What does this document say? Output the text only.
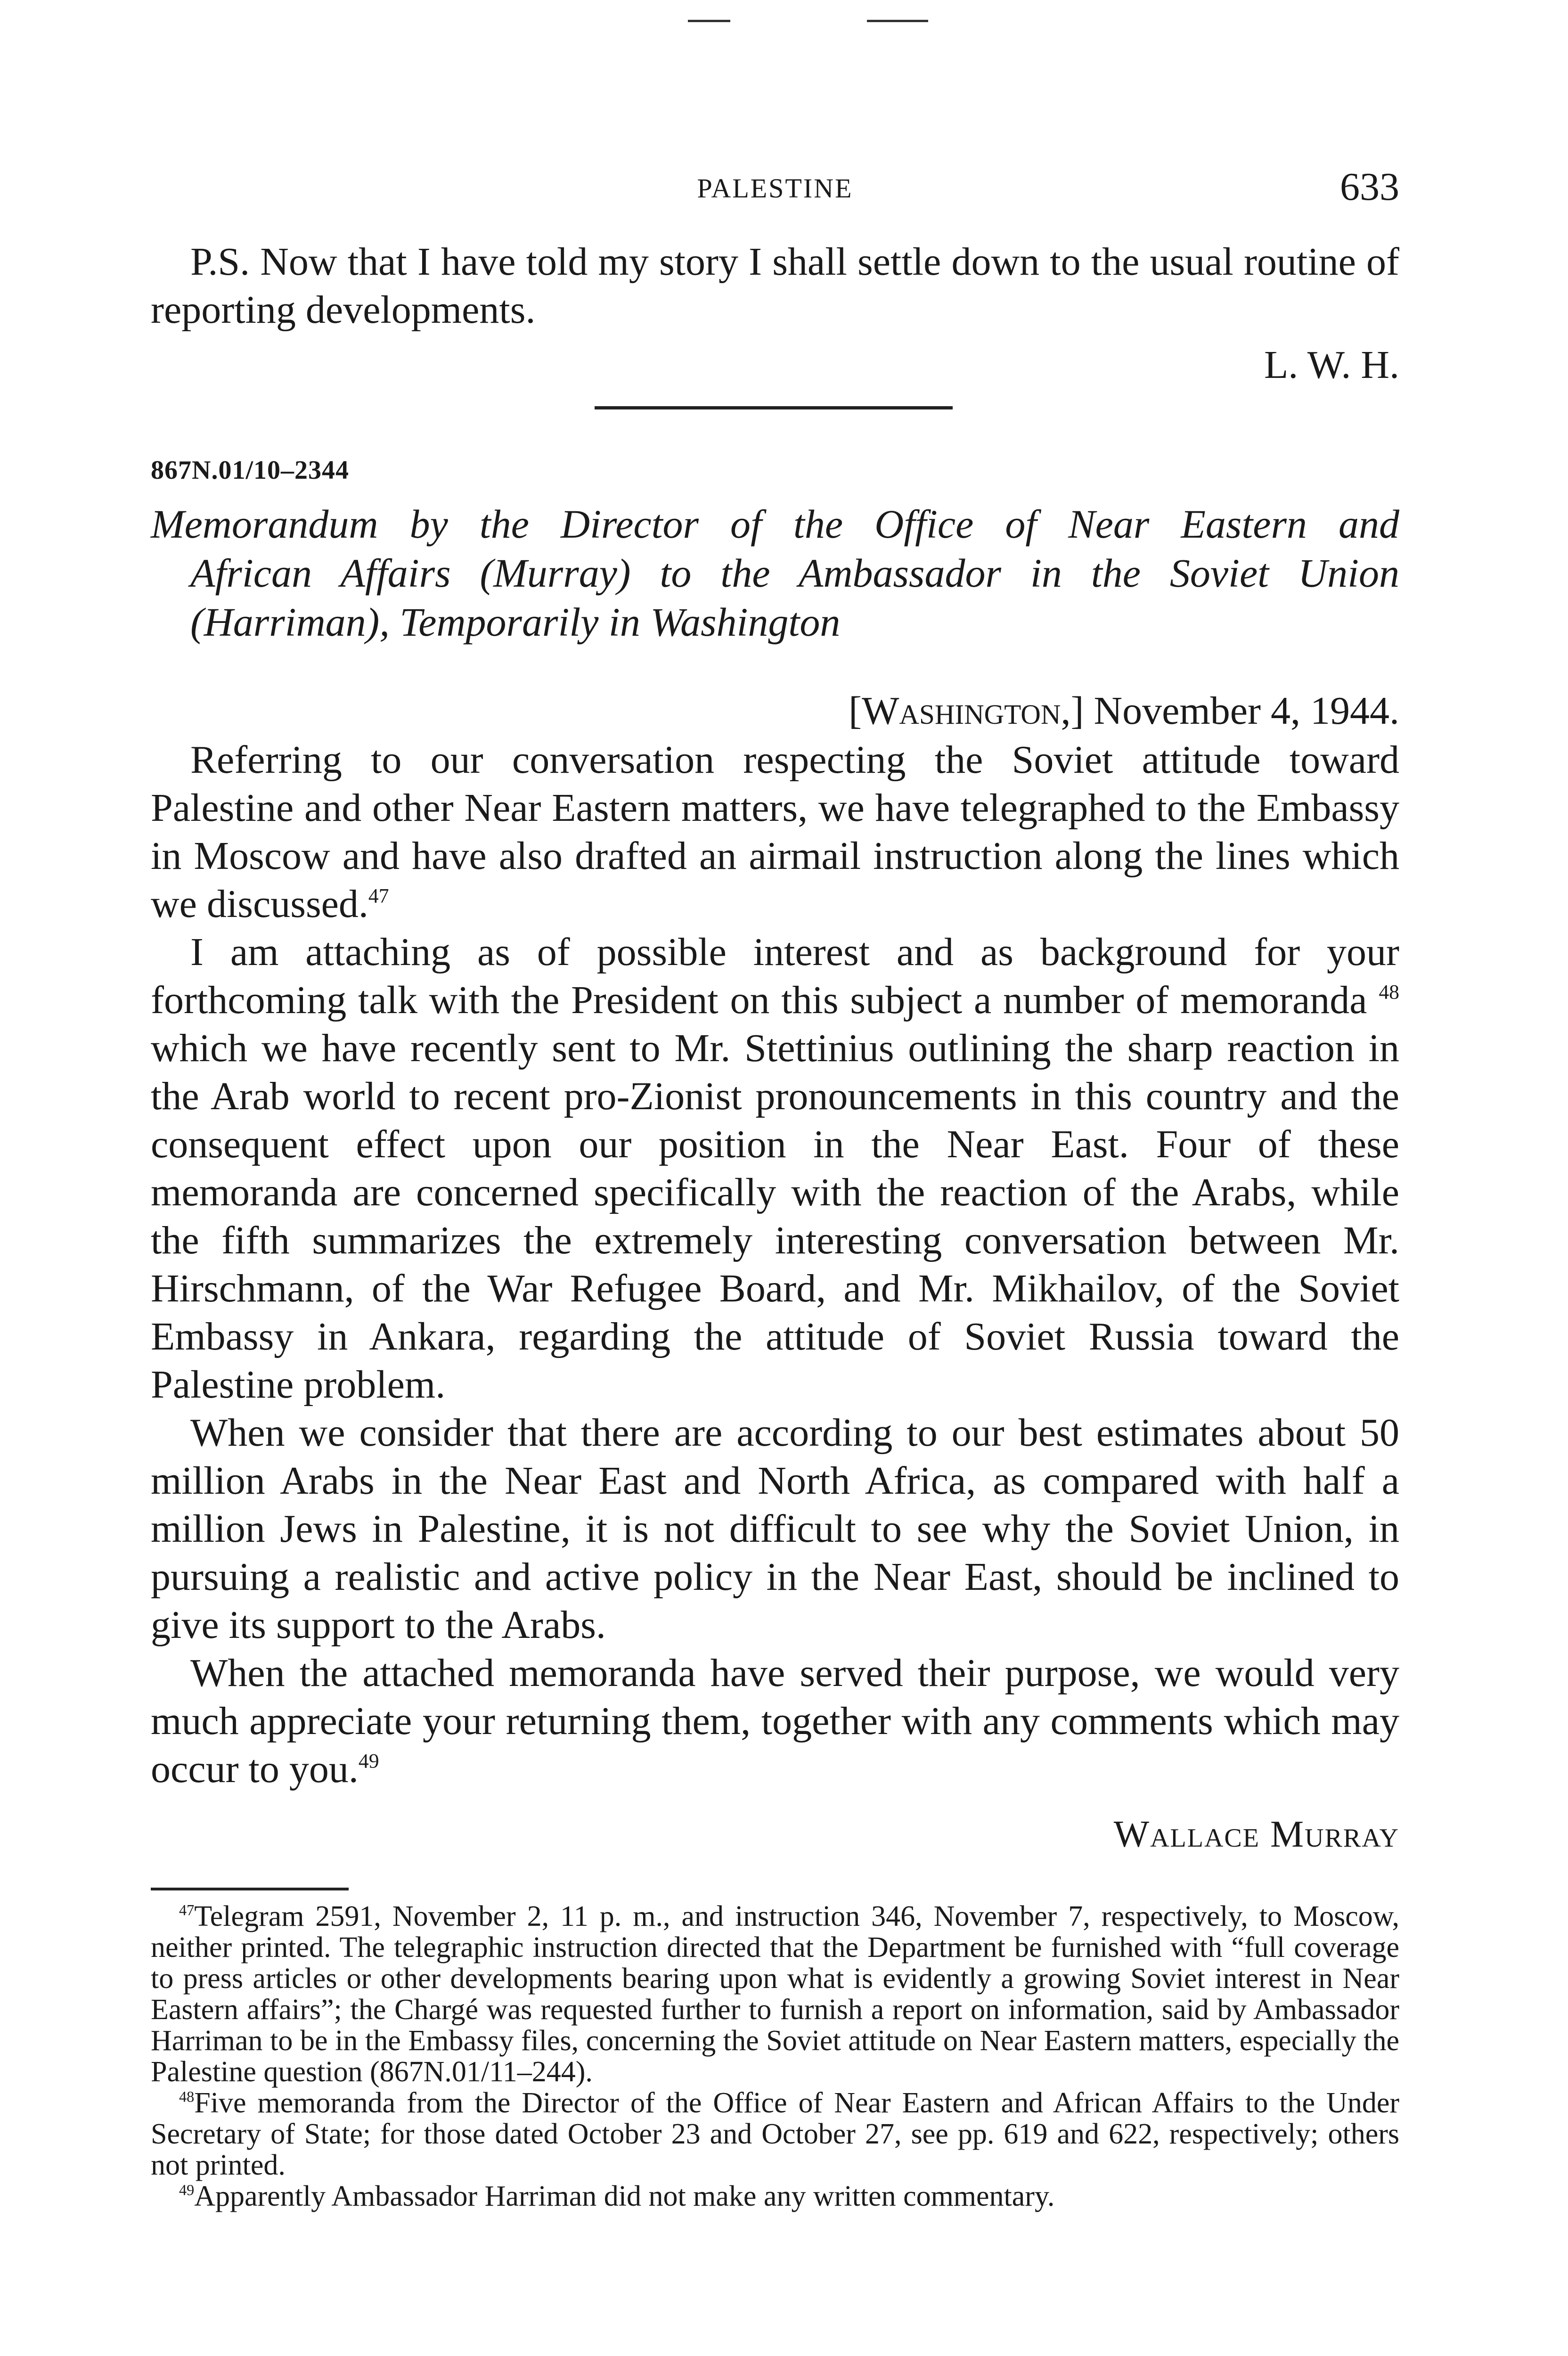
PALESTINE	633

P.S. Now that I have told my story I shall settle down to the usual routine of reporting developments.

L. W. H.
867N.01/10–2344
Memorandum by the Director of the Office of Near Eastern and
African Affairs (Murray) to the Ambassador in the Soviet Union
(Harriman), Temporarily in Washington
[Washington,] November 4, 1944.

Referring to our conversation respecting the Soviet attitude toward Palestine and other Near Eastern matters, we have telegraphed to the Embassy in Moscow and have also drafted an airmail instruction along the lines which we discussed.$^{47}$

I am attaching as of possible interest and as background for your forthcoming talk with the President on this subject a number of memoranda $^{48}$ which we have recently sent to Mr. Stettinius outlining the sharp reaction in the Arab world to recent pro-Zionist pronouncements in this country and the consequent effect upon our position in the Near East. Four of these memoranda are concerned specifically with the reaction of the Arabs, while the fifth summarizes the extremely interesting conversation between Mr. Hirschmann, of the War Refugee Board, and Mr. Mikhailov, of the Soviet Embassy in Ankara, regarding the attitude of Soviet Russia toward the Palestine problem.

When we consider that there are according to our best estimates about 50 million Arabs in the Near East and North Africa, as compared with half a million Jews in Palestine, it is not difficult to see why the Soviet Union, in pursuing a realistic and active policy in the Near East, should be inclined to give its support to the Arabs.

When the attached memoranda have served their purpose, we would very much appreciate your returning them, together with any comments which may occur to you.$^{49}$

Wallace Murray

$^{47}$Telegram 2591, November 2, 11 p. m., and instruction 346, November 7, respectively, to Moscow, neither printed. The telegraphic instruction directed that the Department be furnished with “full coverage to press articles or other developments bearing upon what is evidently a growing Soviet interest in Near Eastern affairs”; the Chargé was requested further to furnish a report on information, said by Ambassador Harriman to be in the Embassy files, concerning the Soviet attitude on Near Eastern matters, especially the Palestine question (867N.01/11–244).

$^{48}$Five memoranda from the Director of the Office of Near Eastern and African Affairs to the Under Secretary of State; for those dated October 23 and October 27, see pp. 619 and 622, respectively; others not printed.

$^{49}$Apparently Ambassador Harriman did not make any written commentary.
